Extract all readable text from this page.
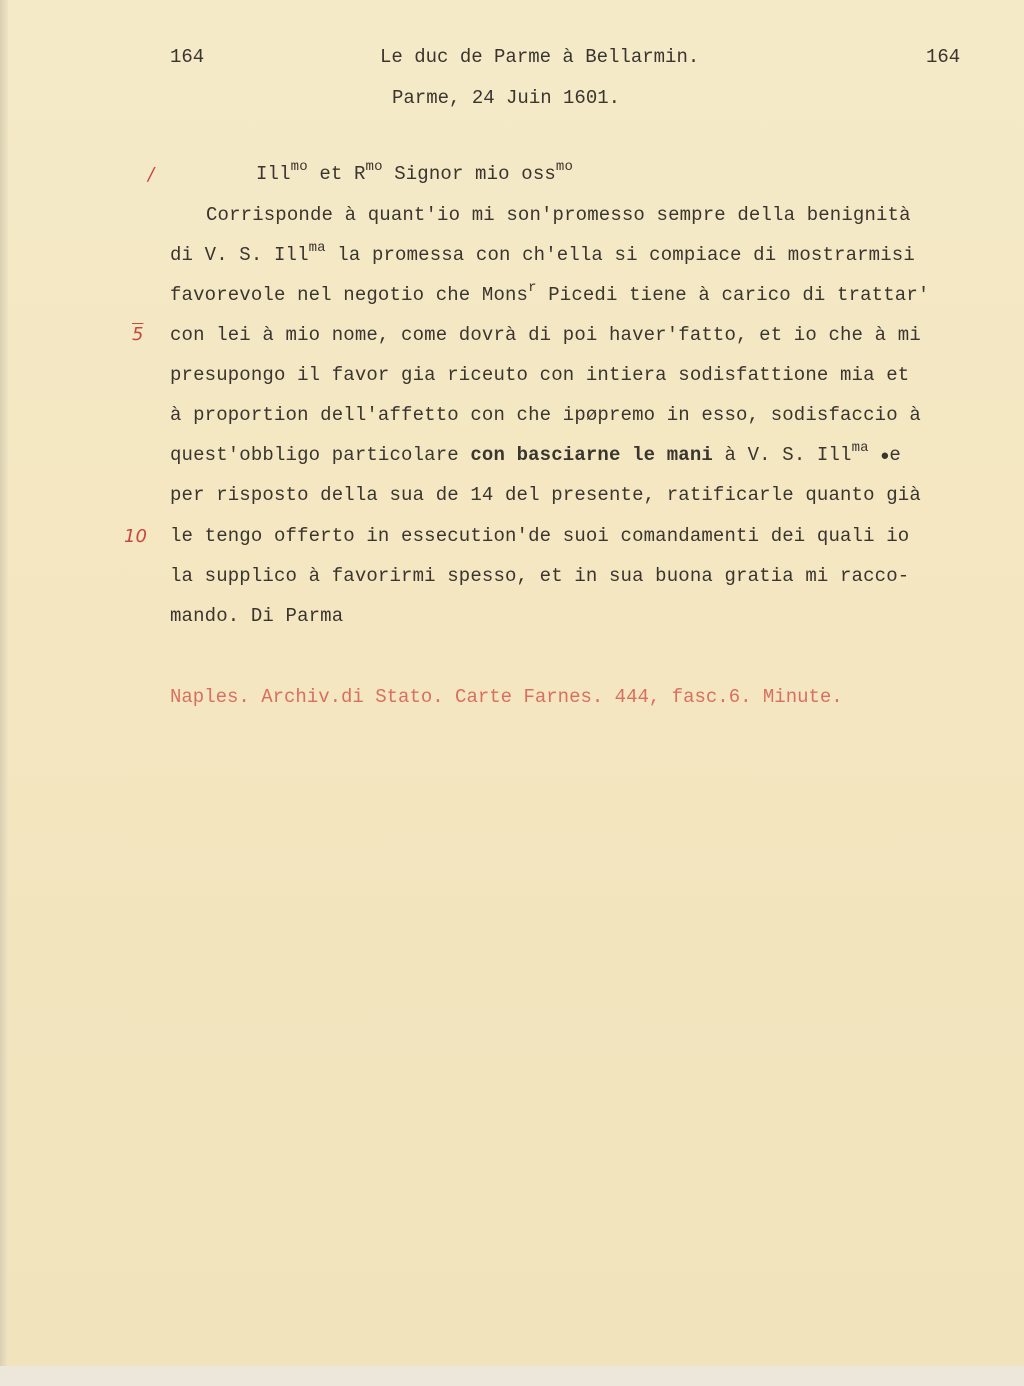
164	Le duc de Parme à Bellarmin.	164
Parme, 24 Juin 1601.
/
5
10
Ill$^{mo}$ et $R^{mo}$ Signor mio oss$^{mo}$
Corrisponde à quant'io mi son'promesso sempre della benignità
di V. S. Ill$^{ma}$ la promessa con ch'ella si compiace di mostrarmisi
favorevole nel negotio che Mons$^r$ Picedi tiene à carico di trattar'
con lei à mio nome, come dovrà di poi haver'fatto, et io che à mi
presupongo il favor gia riceuto con intiera sodisfattione mia et
à proportion dell'affetto con che ipøpremo in esso, sodisfaccio à
quest'obbligo particolare con basciarne le mani à V. S. Ill$^{ma}$ ●e
per risposto della sua de 14 del presente, ratificarle quanto già
le tengo offerto in essecution'de suoi comandamenti dei quali io
la supplico à favorirmi spesso, et in sua buona gratia mi racco-
mando. Di Parma
Naples. Archiv.di Stato. Carte Farnes. 444, fasc.6. Minute.
